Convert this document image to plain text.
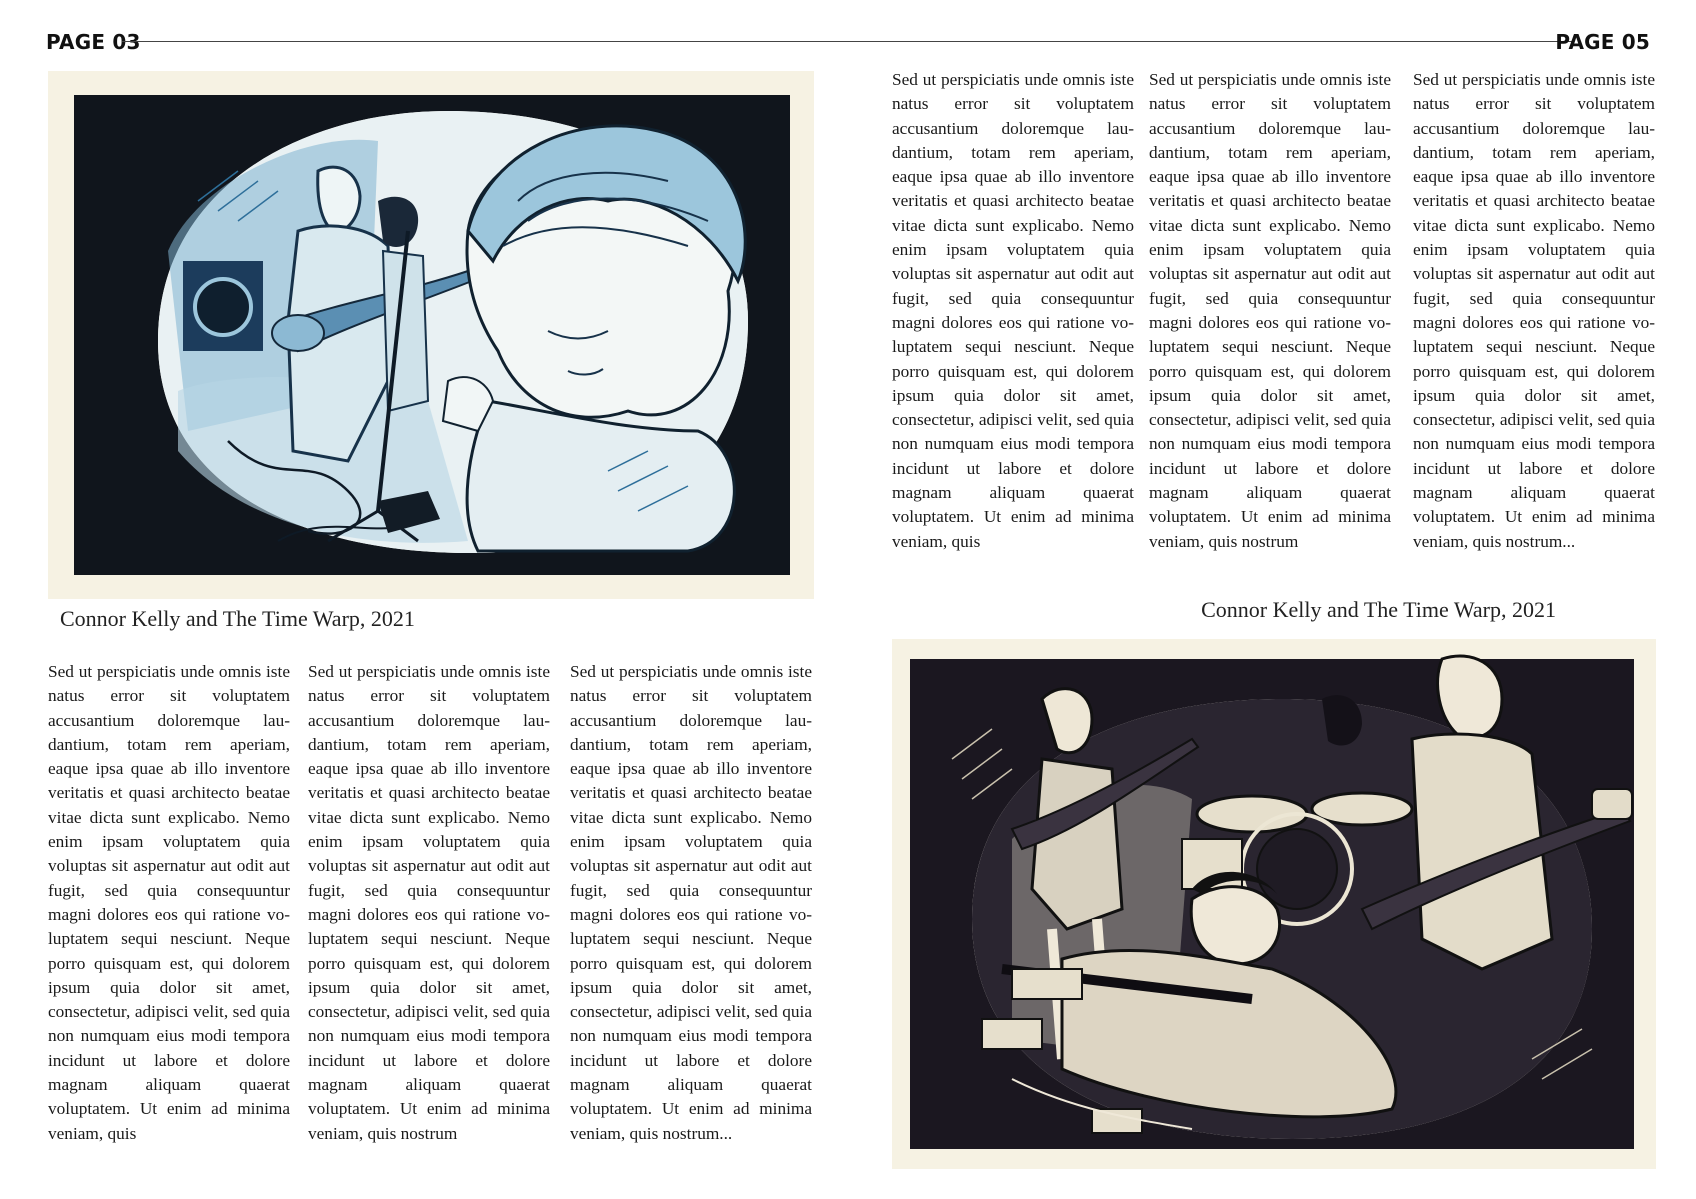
PAGE 03	PAGE 05
Connor Kelly and The Time Warp, 2021
Sed ut perspiciatis unde omnis iste natus error sit voluptatem accusantium doloremque laudantium, totam rem aperiam, eaque ipsa quae ab illo inventore veritatis et quasi architecto beatae vitae dicta sunt explicabo. Nemo enim ipsam voluptatem quia voluptas sit aspernatur aut odit aut fugit, sed quia consequuntur magni dolores eos qui ratione voluptatem sequi nesciunt. Neque porro quisquam est, qui dolorem ipsum quia dolor sit amet, consectetur, adipisci velit, sed quia non numquam eius modi tempora incidunt ut labore et dolore magnam aliquam quaerat voluptatem. Ut enim ad minima veniam, quis
Sed ut perspiciatis unde omnis iste natus error sit voluptatem accusantium doloremque laudantium, totam rem aperiam, eaque ipsa quae ab illo inventore veritatis et quasi architecto beatae vitae dicta sunt explicabo. Nemo enim ipsam voluptatem quia voluptas sit aspernatur aut odit aut fugit, sed quia consequuntur magni dolores eos qui ratione voluptatem sequi nesciunt. Neque porro quisquam est, qui dolorem ipsum quia dolor sit amet, consectetur, adipisci velit, sed quia non numquam eius modi tempora incidunt ut labore et dolore magnam aliquam quaerat voluptatem. Ut enim ad minima veniam, quis nostrum
Sed ut perspiciatis unde omnis iste natus error sit voluptatem accusantium doloremque laudantium, totam rem aperiam, eaque ipsa quae ab illo inventore veritatis et quasi architecto beatae vitae dicta sunt explicabo. Nemo enim ipsam voluptatem quia voluptas sit aspernatur aut odit aut fugit, sed quia consequuntur magni dolores eos qui ratione voluptatem sequi nesciunt. Neque porro quisquam est, qui dolorem ipsum quia dolor sit amet, consectetur, adipisci velit, sed quia non numquam eius modi tempora incidunt ut labore et dolore magnam aliquam quaerat voluptatem. Ut enim ad minima veniam, quis nostrum...
Sed ut perspiciatis unde omnis iste natus error sit voluptatem accusantium doloremque laudantium, totam rem aperiam, eaque ipsa quae ab illo inventore veritatis et quasi architecto beatae vitae dicta sunt explicabo. Nemo enim ipsam voluptatem quia voluptas sit aspernatur aut odit aut fugit, sed quia consequuntur magni dolores eos qui ratione voluptatem sequi nesciunt. Neque porro quisquam est, qui dolorem ipsum quia dolor sit amet, consectetur, adipisci velit, sed quia non numquam eius modi tempora incidunt ut labore et dolore magnam aliquam quaerat voluptatem. Ut enim ad minima veniam, quis
Sed ut perspiciatis unde omnis iste natus error sit voluptatem accusantium doloremque laudantium, totam rem aperiam, eaque ipsa quae ab illo inventore veritatis et quasi architecto beatae vitae dicta sunt explicabo. Nemo enim ipsam voluptatem quia voluptas sit aspernatur aut odit aut fugit, sed quia consequuntur magni dolores eos qui ratione voluptatem sequi nesciunt. Neque porro quisquam est, qui dolorem ipsum quia dolor sit amet, consectetur, adipisci velit, sed quia non numquam eius modi tempora incidunt ut labore et dolore magnam aliquam quaerat voluptatem. Ut enim ad minima veniam, quis nostrum
Sed ut perspiciatis unde omnis iste natus error sit voluptatem accusantium doloremque laudantium, totam rem aperiam, eaque ipsa quae ab illo inventore veritatis et quasi architecto beatae vitae dicta sunt explicabo. Nemo enim ipsam voluptatem quia voluptas sit aspernatur aut odit aut fugit, sed quia consequuntur magni dolores eos qui ratione voluptatem sequi nesciunt. Neque porro quisquam est, qui dolorem ipsum quia dolor sit amet, consectetur, adipisci velit, sed quia non numquam eius modi tempora incidunt ut labore et dolore magnam aliquam quaerat voluptatem. Ut enim ad minima veniam, quis nostrum...
Connor Kelly and The Time Warp, 2021
